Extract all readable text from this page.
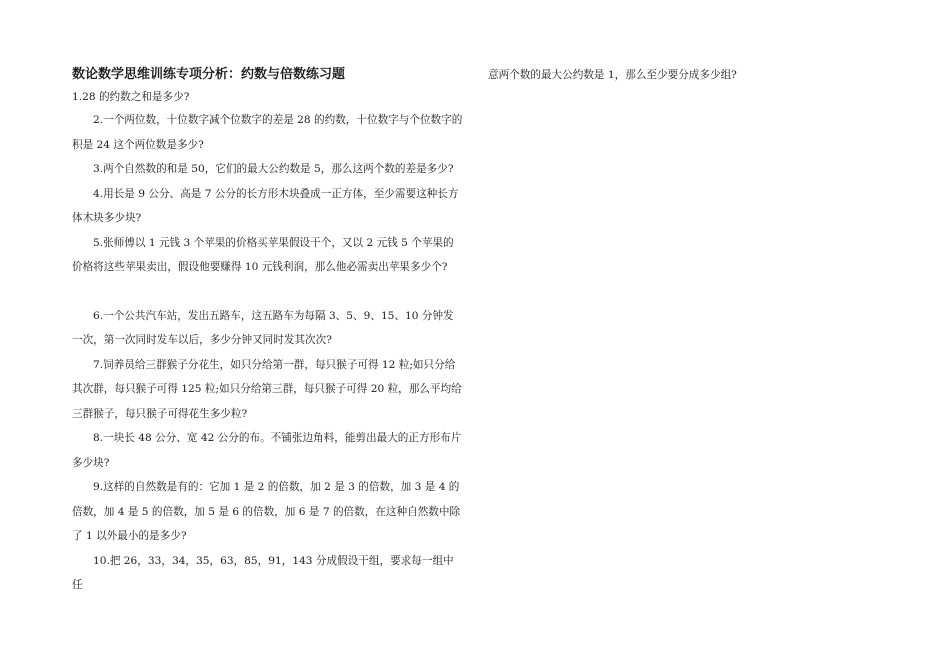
数论数学思维训练专项分析：约数与倍数练习题

1.28 的约数之和是多少?

2.一个两位数，十位数字减个位数字的差是 28 的约数，十位数字与个位数字的积是 24 这个两位数是多少?

3.两个自然数的和是 50，它们的最大公约数是 5，那么这两个数的差是多少?

4.用长是 9 公分、高是 7 公分的长方形木块叠成一正方体，至少需要这种长方体木块多少块?

5.张师傅以 1 元钱 3 个苹果的价格买苹果假设干个，又以 2 元钱 5 个苹果的价格将这些苹果卖出，假设他要赚得 10 元钱利润，那么他必需卖出苹果多少个?

6.一个公共汽车站，发出五路车，这五路车为每隔 3、5、9、15、10 分钟发一次，第一次同时发车以后，多少分钟又同时发其次次?

7.饲养员给三群猴子分花生，如只分给第一群，每只猴子可得 12 粒;如只分给其次群，每只猴子可得 125 粒;如只分给第三群，每只猴子可得 20 粒，那么平均给三群猴子，每只猴子可得花生多少粒?

8.一块长 48 公分、宽 42 公分的布。不铺张边角料，能剪出最大的正方形布片多少块?

9.这样的自然数是有的：它加 1 是 2 的倍数，加 2 是 3 的倍数，加 3 是 4 的倍数，加 4 是 5 的倍数，加 5 是 6 的倍数，加 6 是 7 的倍数，在这种自然数中除了 1 以外最小的是多少?

10.把 26，33，34，35，63，85，91，143 分成假设干组，要求每一组中任

意两个数的最大公约数是 1，那么至少要分成多少组?
